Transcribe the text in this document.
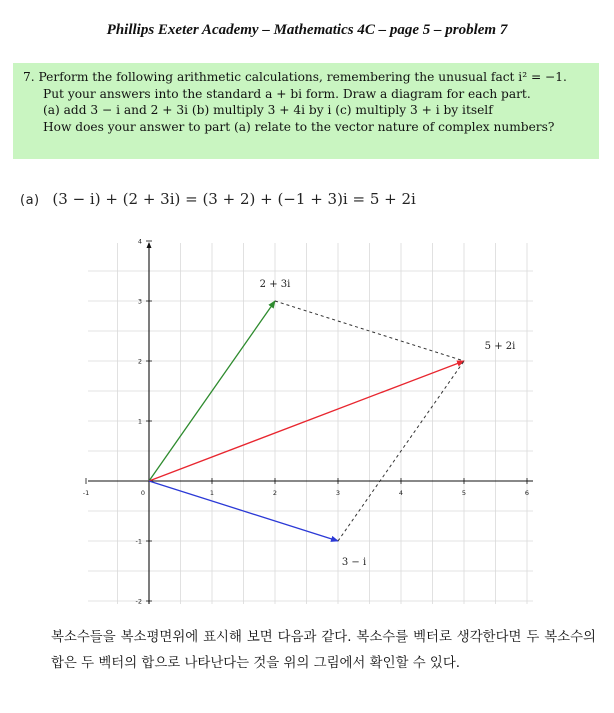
Phillips Exeter Academy – Mathematics 4C – page 5 – problem 7
7. Perform the following arithmetic calculations, remembering the unusual fact i² = −1.
Put your answers into the standard a + bi form. Draw a diagram for each part.
(a) add 3 − i and 2 + 3i (b) multiply 3 + 4i by i (c) multiply 3 + i by itself
How does your answer to part (a) relate to the vector nature of complex numbers?
(a) (3 − i) + (2 + 3i) = (3 + 2) + (−1 + 3)i = 5 + 2i
-1	0	1	2	3	4	5	6
-2
-1
1
2
3
4
2 + 3i
5 + 2i
3 − i
복소수들을 복소평면위에 표시해 보면 다음과 같다. 복소수를 벡터로 생각한다면 두 복소수의 합은 두 벡터의 합으로 나타난다는 것을 위의 그림에서 확인할 수 있다.
